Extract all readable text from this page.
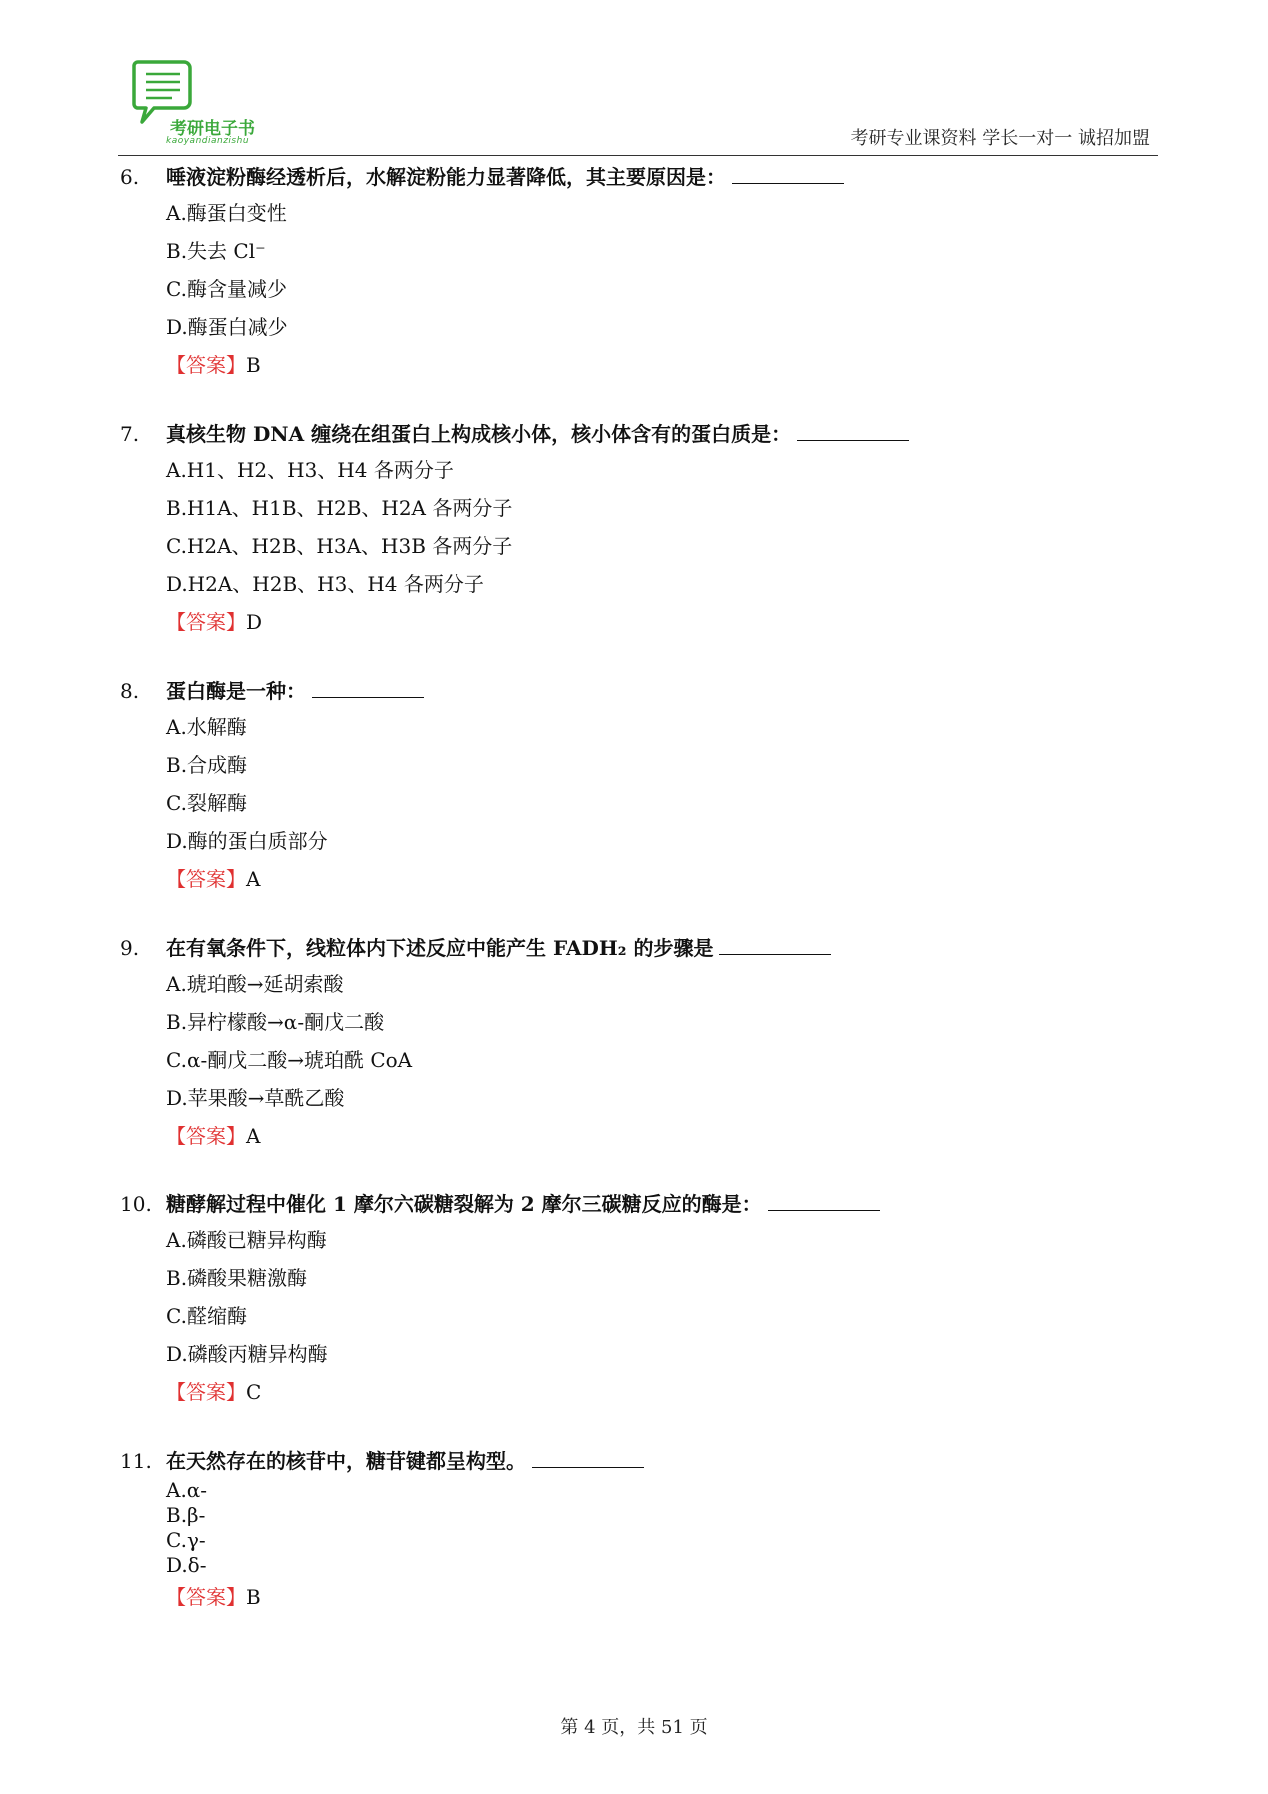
考研电子书
kaoyandianzishu	考研专业课资料 学长一对一 诚招加盟
6. 唾液淀粉酶经透析后，水解淀粉能力显著降低，其主要原因是：
A.酶蛋白变性
B.失去 Cl⁻
C.酶含量减少
D.酶蛋白减少
【答案】B
7. 真核生物 DNA 缠绕在组蛋白上构成核小体，核小体含有的蛋白质是：
A.H1、H2、H3、H4 各两分子
B.H1A、H1B、H2B、H2A 各两分子
C.H2A、H2B、H3A、H3B 各两分子
D.H2A、H2B、H3、H4 各两分子
【答案】D
8. 蛋白酶是一种：
A.水解酶
B.合成酶
C.裂解酶
D.酶的蛋白质部分
【答案】A
9. 在有氧条件下，线粒体内下述反应中能产生 FADH₂ 的步骤是
A.琥珀酸→延胡索酸
B.异柠檬酸→α-酮戊二酸
C.α-酮戊二酸→琥珀酰 CoA
D.苹果酸→草酰乙酸
【答案】A
10. 糖酵解过程中催化 1 摩尔六碳糖裂解为 2 摩尔三碳糖反应的酶是：
A.磷酸已糖异构酶
B.磷酸果糖激酶
C.醛缩酶
D.磷酸丙糖异构酶
【答案】C
11. 在天然存在的核苷中，糖苷键都呈构型。
A.α-
B.β-
C.γ-
D.δ-
【答案】B
第 4 页，共 51 页
